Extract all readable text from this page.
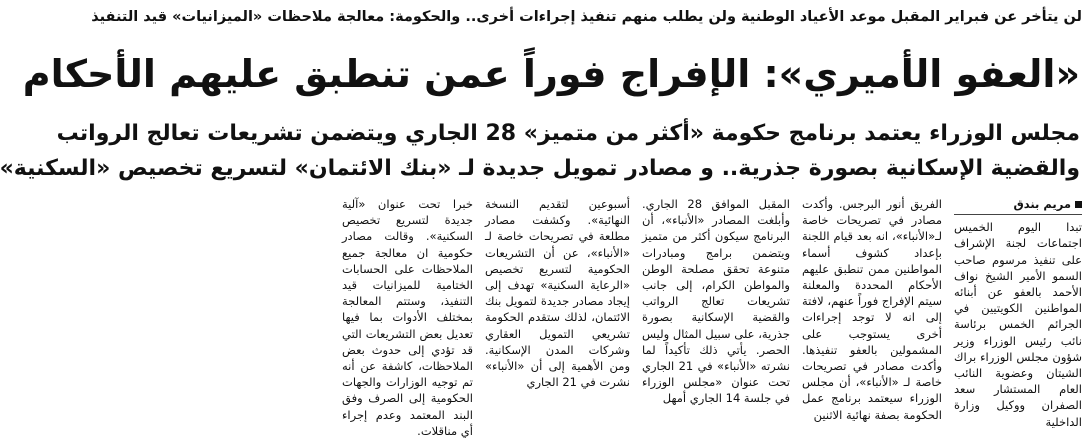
لن يتأخر عن فبراير المقبل موعد الأعياد الوطنية ولن يطلب منهم تنفيذ إجراءات أخرى.. والحكومة: معالجة ملاحظات «الميزانيات» قيد التنفيذ
«العفو الأميري»: الإفراج فوراً عمن تنطبق عليهم الأحكام
مجلس الوزراء يعتمد برنامج حكومة «أكثر من متميز» 28 الجاري ويتضمن تشريعات تعالج الرواتب
والقضية الإسكانية بصورة جذرية.. و مصادر تمويل جديدة لـ «بنك الائتمان» لتسريع تخصيص «السكنية»
مريم بندق

تبدا اليوم الخميس اجتماعات لجنة الإشراف على تنفيذ مرسوم صاحب السمو الأمير الشيخ نواف الأحمد بالعفو عن أبنائه المواطنين الكويتيين في الجرائم الخمس برئاسة نائب رئيس الوزراء وزير شؤون مجلس الوزراء براك الشيتان وعضوية النائب العام المستشار سعد الصفران ووكيل وزارة الداخلية

الفريق أنور البرجس. وأكدت مصادر في تصريحات خاصة لـ«الأنباء»، انه بعد قيام اللجنة بإعداد كشوف أسماء المواطنين ممن تنطبق عليهم الأحكام المحددة والمعلنة سيتم الإفراج فوراً عنهم، لافتة إلى انه لا توجد إجراءات أخرى يستوجب على المشمولين بالعفو تنفيذها. وأكدت مصادر في تصريحات خاصة لـ «الأنباء»، أن مجلس الوزراء سيعتمد برنامج عمل الحكومة بصفة نهائية الاثنين

المقبل الموافق 28 الجاري. وأبلغت المصادر «الأنباء»، أن البرنامج سيكون أكثر من متميز ويتضمن برامج ومبادرات متنوعة تحقق مصلحة الوطن والمواطن الكرام، إلى جانب تشريعات تعالج الرواتب والقضية الإسكانية بصورة جذرية، على سبيل المثال وليس الحصر. يأتي ذلك تأكيداً لما نشرته «الأنباء» في 21 الجاري تحت عنوان «مجلس الوزراء في جلسة 14 الجاري أمهل

أسبوعين لتقديم النسخة النهائية». وكشفت مصادر مطلعة في تصريحات خاصة لـ «الأنباء»، عن أن التشريعات الحكومية لتسريع تخصيص «الرعاية السكنية» تهدف إلى إيجاد مصادر جديدة لتمويل بنك الائتمان، لذلك ستقدم الحكومة تشريعي التمويل العقاري وشركات المدن الإسكانية. ومن الأهمية إلى أن «الأنباء» نشرت في 21 الجاري

خبرا تحت عنوان «آلية جديدة لتسريع تخصيص السكنية». وقالت مصادر حكومية ان معالجة جميع الملاحظات على الحسابات الختامية للميزانيات قيد التنفيذ، وستتم المعالجة بمختلف الأدوات بما فيها تعديل بعض التشريعات التي قد تؤدي إلى حدوث بعض الملاحظات، كاشفة عن أنه تم توجيه الوزارات والجهات الحكومية إلى الصرف وفق البند المعتمد وعدم إجراء أي مناقلات.
